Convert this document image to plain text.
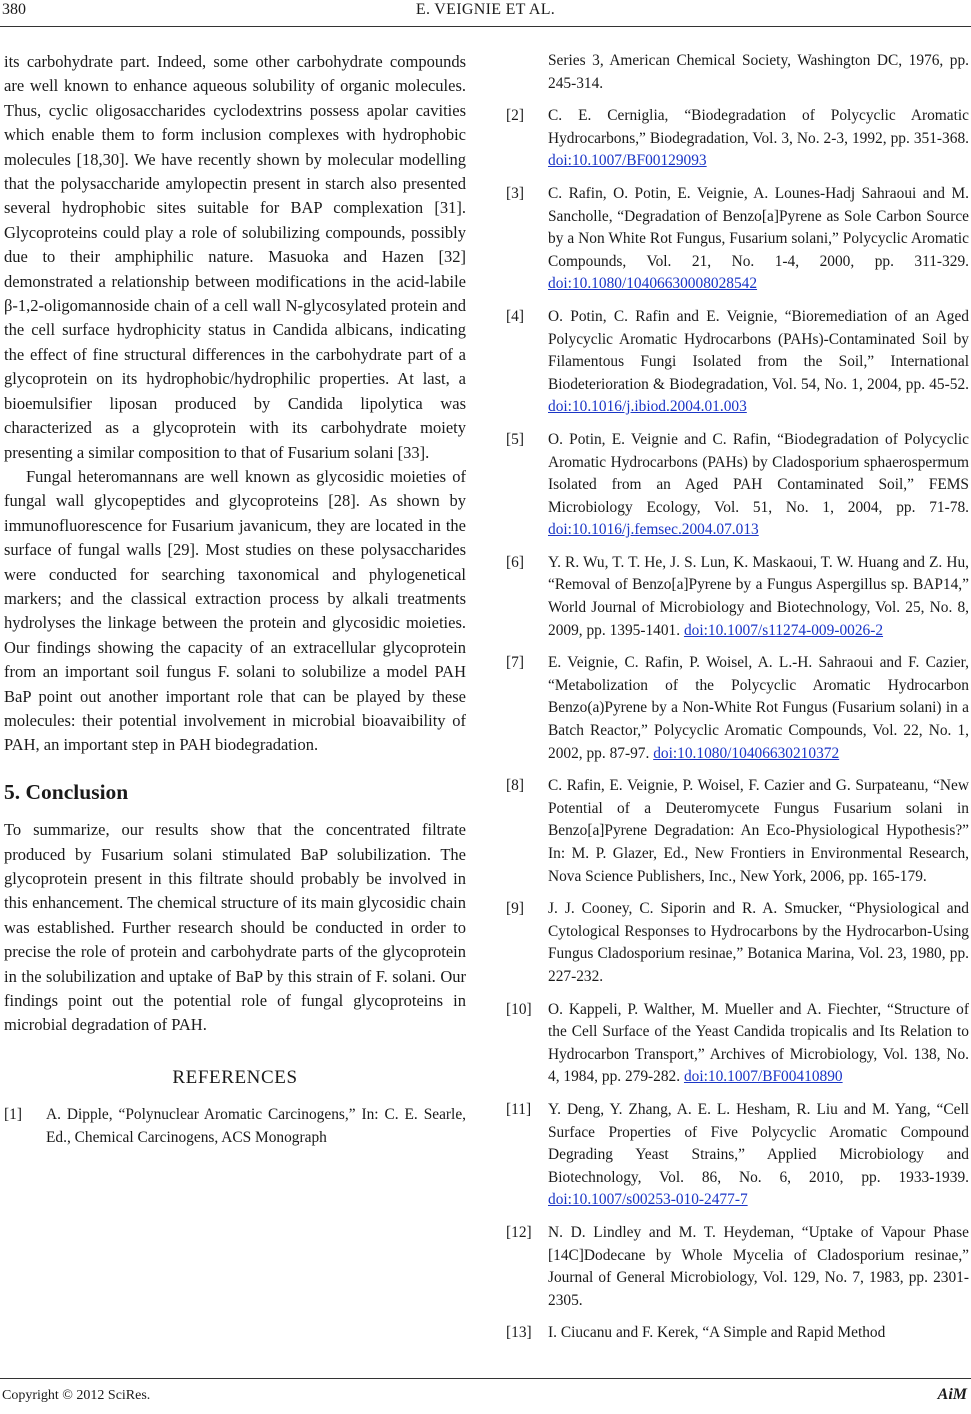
380	E. VEIGNIE ET AL.

its carbohydrate part. Indeed, some other carbohydrate compounds are well known to enhance aqueous solubility of organic molecules. Thus, cyclic oligosaccharides cyclodextrins possess apolar cavities which enable them to form inclusion complexes with hydrophobic molecules [18,30]. We have recently shown by molecular modelling that the polysaccharide amylopectin present in starch also presented several hydrophobic sites suitable for BAP complexation [31]. Glycoproteins could play a role of solubilizing compounds, possibly due to their amphiphilic nature. Masuoka and Hazen [32] demonstrated a relationship between modifications in the acid-labile β-1,2-oligomannoside chain of a cell wall N-glycosylated protein and the cell surface hydrophicity status in Candida albicans, indicating the effect of fine structural differences in the carbohydrate part of a glycoprotein on its hydrophobic/hydrophilic properties. At last, a bioemulsifier liposan produced by Candida lipolytica was characterized as a glycoprotein with its carbohydrate moiety presenting a similar composition to that of Fusarium solani [33].

Fungal heteromannans are well known as glycosidic moieties of fungal wall glycopeptides and glycoproteins [28]. As shown by immunofluorescence for Fusarium javanicum, they are located in the surface of fungal walls [29]. Most studies on these polysaccharides were conducted for searching taxonomical and phylogenetical markers; and the classical extraction process by alkali treatments hydrolyses the linkage between the protein and glycosidic moieties. Our findings showing the capacity of an extracellular glycoprotein from an important soil fungus F. solani to solubilize a model PAH BaP point out another important role that can be played by these molecules: their potential involvement in microbial bioavaibility of PAH, an important step in PAH biodegradation.

5. Conclusion

To summarize, our results show that the concentrated filtrate produced by Fusarium solani stimulated BaP solubilization. The glycoprotein present in this filtrate should probably be involved in this enhancement. The chemical structure of its main glycosidic chain was established. Further research should be conducted in order to precise the role of protein and carbohydrate parts of the glycoprotein in the solubilization and uptake of BaP by this strain of F. solani. Our findings point out the potential role of fungal glycoproteins in microbial degradation of PAH.

REFERENCES
[1]	A. Dipple, “Polynuclear Aromatic Carcinogens,” In: C. E. Searle, Ed., Chemical Carcinogens, ACS Monograph
Series 3, American Chemical Society, Washington DC, 1976, pp. 245-314.
[2]	C. E. Cerniglia, “Biodegradation of Polycyclic Aromatic Hydrocarbons,” Biodegradation, Vol. 3, No. 2-3, 1992, pp. 351-368. doi:10.1007/BF00129093
[3]	C. Rafin, O. Potin, E. Veignie, A. Lounes-Hadj Sahraoui and M. Sancholle, “Degradation of Benzo[a]Pyrene as Sole Carbon Source by a Non White Rot Fungus, Fusarium solani,” Polycyclic Aromatic Compounds, Vol. 21, No. 1-4, 2000, pp. 311-329. doi:10.1080/10406630008028542
[4]	O. Potin, C. Rafin and E. Veignie, “Bioremediation of an Aged Polycyclic Aromatic Hydrocarbons (PAHs)-Contaminated Soil by Filamentous Fungi Isolated from the Soil,” International Biodeterioration & Biodegradation, Vol. 54, No. 1, 2004, pp. 45-52. doi:10.1016/j.ibiod.2004.01.003
[5]	O. Potin, E. Veignie and C. Rafin, “Biodegradation of Polycyclic Aromatic Hydrocarbons (PAHs) by Cladosporium sphaerospermum Isolated from an Aged PAH Contaminated Soil,” FEMS Microbiology Ecology, Vol. 51, No. 1, 2004, pp. 71-78. doi:10.1016/j.femsec.2004.07.013
[6]	Y. R. Wu, T. T. He, J. S. Lun, K. Maskaoui, T. W. Huang and Z. Hu, “Removal of Benzo[a]Pyrene by a Fungus Aspergillus sp. BAP14,” World Journal of Microbiology and Biotechnology, Vol. 25, No. 8, 2009, pp. 1395-1401. doi:10.1007/s11274-009-0026-2
[7]	E. Veignie, C. Rafin, P. Woisel, A. L.-H. Sahraoui and F. Cazier, “Metabolization of the Polycyclic Aromatic Hydrocarbon Benzo(a)Pyrene by a Non-White Rot Fungus (Fusarium solani) in a Batch Reactor,” Polycyclic Aromatic Compounds, Vol. 22, No. 1, 2002, pp. 87-97. doi:10.1080/10406630210372
[8]	C. Rafin, E. Veignie, P. Woisel, F. Cazier and G. Surpateanu, “New Potential of a Deuteromycete Fungus Fusarium solani in Benzo[a]Pyrene Degradation: An Eco-Physiological Hypothesis?” In: M. P. Glazer, Ed., New Frontiers in Environmental Research, Nova Science Publishers, Inc., New York, 2006, pp. 165-179.
[9]	J. J. Cooney, C. Siporin and R. A. Smucker, “Physiological and Cytological Responses to Hydrocarbons by the Hydrocarbon-Using Fungus Cladosporium resinae,” Botanica Marina, Vol. 23, 1980, pp. 227-232.
[10]	O. Kappeli, P. Walther, M. Mueller and A. Fiechter, “Structure of the Cell Surface of the Yeast Candida tropicalis and Its Relation to Hydrocarbon Transport,” Archives of Microbiology, Vol. 138, No. 4, 1984, pp. 279-282. doi:10.1007/BF00410890
[11]	Y. Deng, Y. Zhang, A. E. L. Hesham, R. Liu and M. Yang, “Cell Surface Properties of Five Polycyclic Aromatic Compound Degrading Yeast Strains,” Applied Microbiology and Biotechnology, Vol. 86, No. 6, 2010, pp. 1933-1939. doi:10.1007/s00253-010-2477-7
[12]	N. D. Lindley and M. T. Heydeman, “Uptake of Vapour Phase [14C]Dodecane by Whole Mycelia of Cladosporium resinae,” Journal of General Microbiology, Vol. 129, No. 7, 1983, pp. 2301-2305.
[13]	I. Ciucanu and F. Kerek, “A Simple and Rapid Method
Copyright © 2012 SciRes.	AiM
